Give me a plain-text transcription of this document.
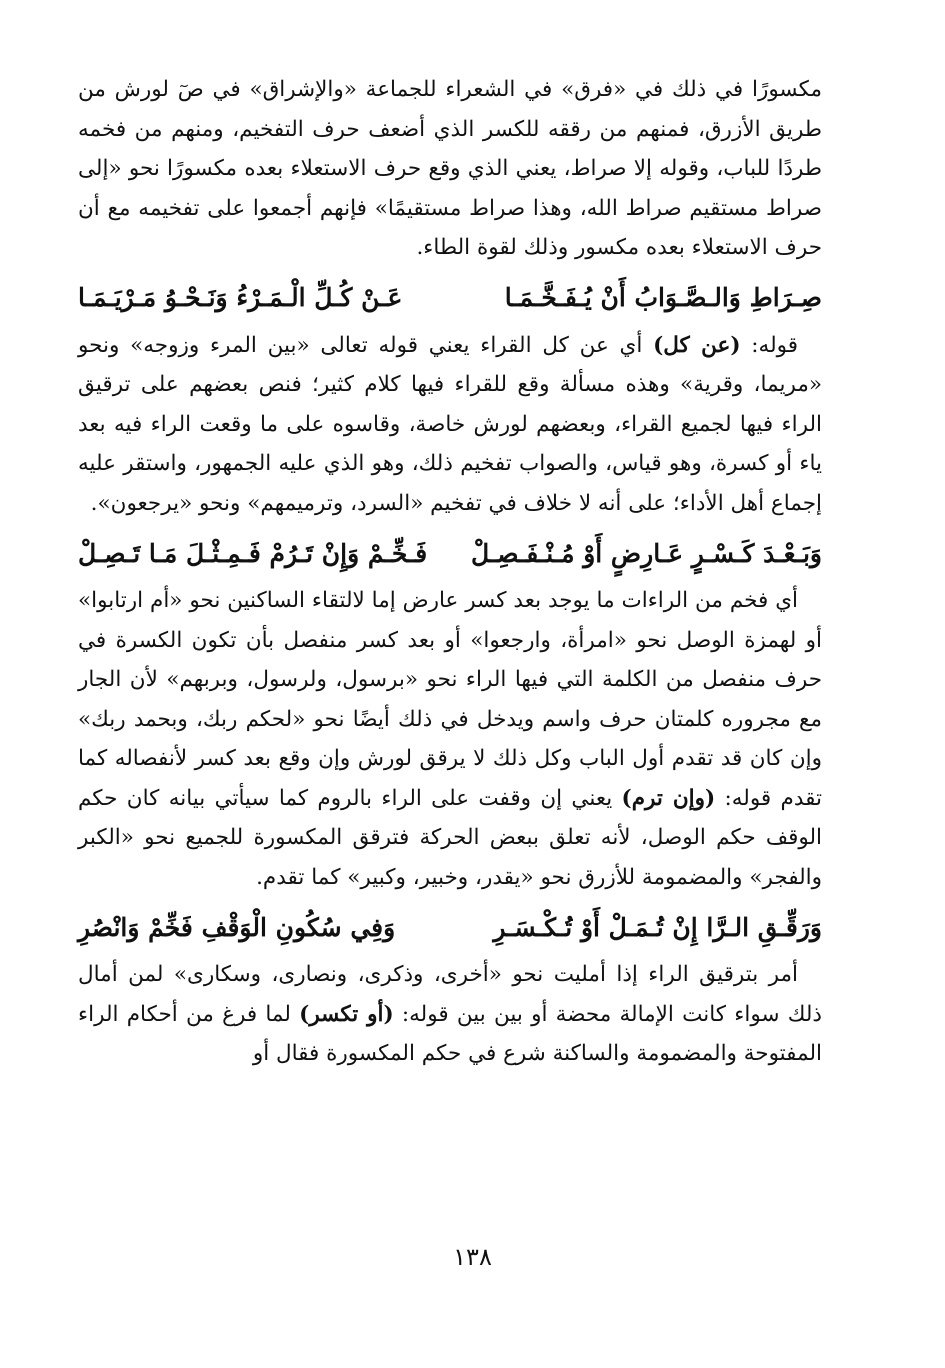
مكسورًا في ذلك في «فرق» في الشعراء للجماعة «والإشراق» في صٓ لورش من طريق الأزرق، فمنهم من رققه للكسر الذي أضعف حرف التفخيم، ومنهم من فخمه طردًا للباب، وقوله إلا صراط، يعني الذي وقع حرف الاستعلاء بعده مكسورًا نحو «إلى صراط مستقيم صراط الله، وهذا صراط مستقيمًا» فإنهم أجمعوا على تفخيمه مع أن حرف الاستعلاء بعده مكسور وذلك لقوة الطاء.

صِـرَاطِ وَالـصَّـوَابُ أَنْ يُـفَـخَّـمَـا
عَـنْ كُـلِّ الْـمَـرْءُ وَنَـحْـوُ مَـرْيَـمَـا

قوله: (عن كل) أي عن كل القراء يعني قوله تعالى «بين المرء وزوجه» ونحو «مريما، وقرية» وهذه مسألة وقع للقراء فيها كلام كثير؛ فنص بعضهم على ترقيق الراء فيها لجميع القراء، وبعضهم لورش خاصة، وقاسوه على ما وقعت الراء فيه بعد ياء أو كسرة، وهو قياس، والصواب تفخيم ذلك، وهو الذي عليه الجمهور، واستقر عليه إجماع أهل الأداء؛ على أنه لا خلاف في تفخيم «السرد، وترميمهم» ونحو «يرجعون».

وَبَـعْـدَ كَـسْـرٍ عَـارِضٍ أَوْ مُـنْـفَـصِـلْ
فَـخِّـمْ وَإِنْ تَـرُمْ فَـمِـثْـلَ مَـا تَـصِـلْ

أي فخم من الراءات ما يوجد بعد كسر عارض إما لالتقاء الساكنين نحو «أم ارتابوا» أو لهمزة الوصل نحو «امرأة، وارجعوا» أو بعد كسر منفصل بأن تكون الكسرة في حرف منفصل من الكلمة التي فيها الراء نحو «برسول، ولرسول، وبربهم» لأن الجار مع مجروره كلمتان حرف واسم ويدخل في ذلك أيضًا نحو «لحكم ربك، وبحمد ربك» وإن كان قد تقدم أول الباب وكل ذلك لا يرقق لورش وإن وقع بعد كسر لأنفصاله كما تقدم قوله: (وإن ترم) يعني إن وقفت على الراء بالروم كما سيأتي بيانه كان حكم الوقف حكم الوصل، لأنه تعلق ببعض الحركة فترقق المكسورة للجميع نحو «الكبر والفجر» والمضمومة للأزرق نحو «يقدر، وخبير، وكبير» كما تقدم.

وَرَقِّـقِ الـرَّا إِنْ تُـمَـلْ أَوْ تُـكْـسَـرِ
وَفِي سُكُونِ الْوَقْفِ فَخِّمْ وَانْصُرِ

أمر بترقيق الراء إذا أمليت نحو «أخرى، وذكرى، ونصارى، وسكارى» لمن أمال ذلك سواء كانت الإمالة محضة أو بين بين قوله: (أو تكسر) لما فرغ من أحكام الراء المفتوحة والمضمومة والساكنة شرع في حكم المكسورة فقال أو

١٣٨
